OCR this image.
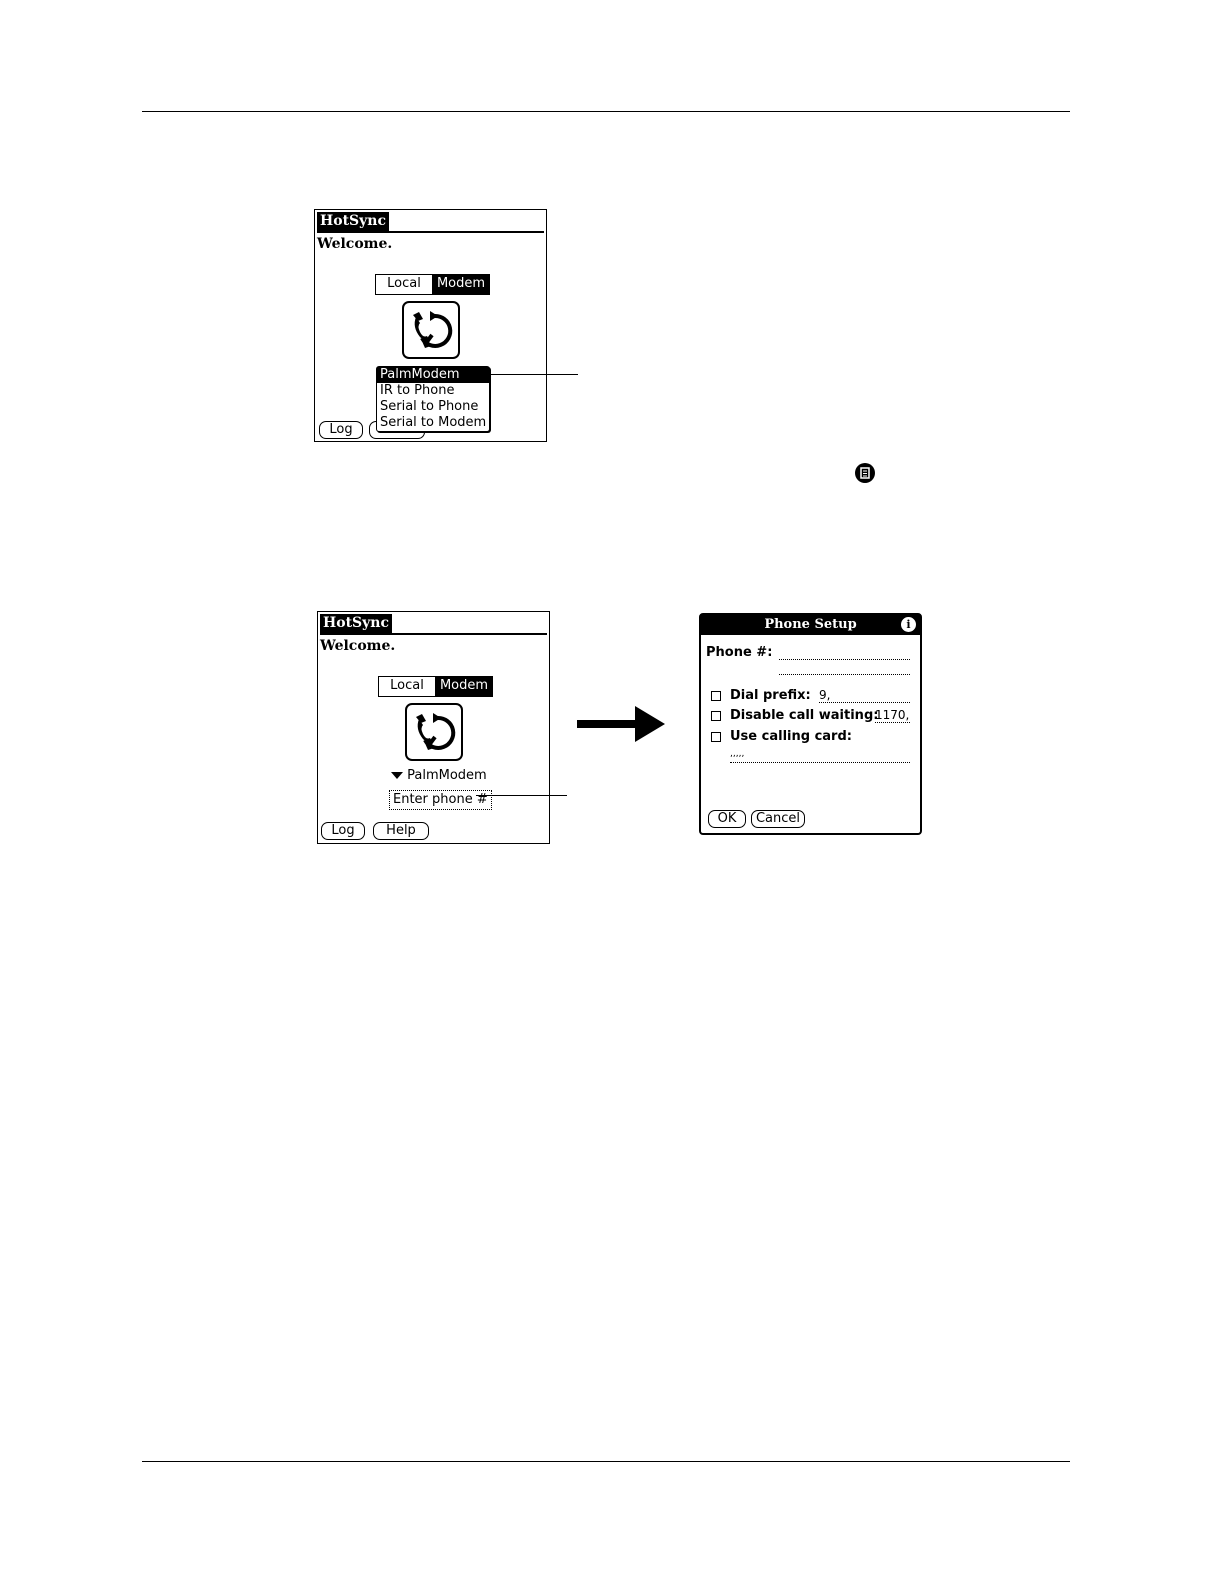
HotSync
Welcome.
Local	Modem
Log
PalmModem
IR to Phone
Serial to Phone
Serial to Modem
HotSync
Welcome.
Local	Modem
PalmModem
Enter phone #
Log	Help
Phone Setup	i
Phone #:
Dial prefix: 9,
Disable call waiting:
1170,
Use calling card:
,,,,,
OK	Cancel
